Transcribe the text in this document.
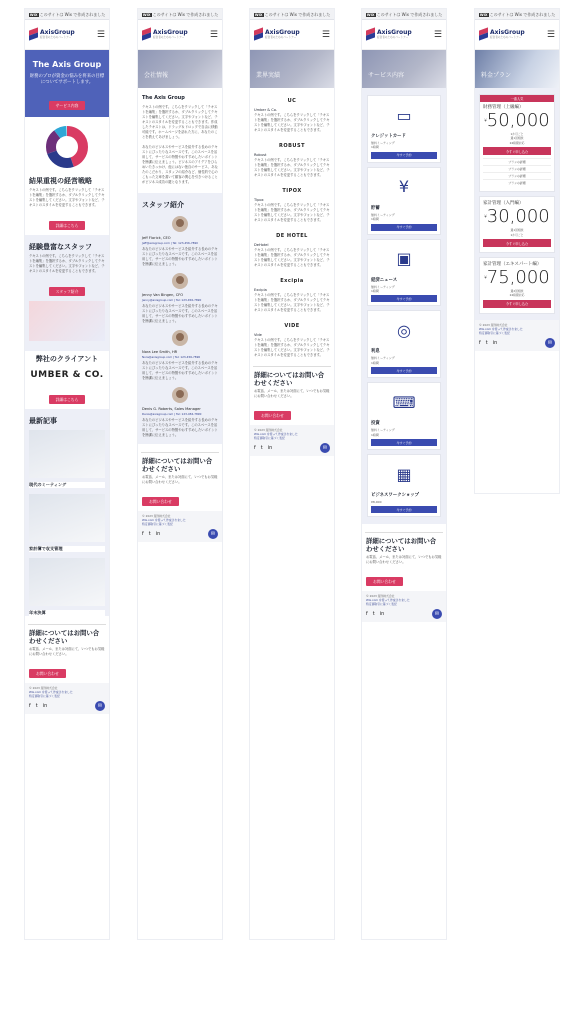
WIX このサイトは Wix で作成されました
AxisGroup
経営者のためのパートナー	☰
The Axis Group
財務のプロが資金の悩みを将来の目標についてサポートします。
サービス内容
結果重視の経営戦略
テキストの例です。こちらをクリックして「テキストを編集」を選択するか、ダブルクリックしてテキストを編集してください。文字やフォントなど、テキストのスタイルを変更することもできます。
詳細はこちら
経験豊富なスタッフ
テキストの例です。こちらをクリックして「テキストを編集」を選択するか、ダブルクリックしてテキストを編集してください。文字やフォントなど、テキストのスタイルを変更することもできます。
スタッフ紹介
弊社のクライアント
UMBER & CO.
詳細はこちら
最新記事
現代のミーティング
家計簿で収支管理
年末決算
詳細についてはお問い合わせください
お電話、メール、または対面にて、いつでもお気軽にお問い合わせください。
お問い合わせ
© 2023 週刊株式会社
Wix.com を使って作成されました
特定商取引に基づく表記
f t in	✉
WIX このサイトは Wix で作成されました
AxisGroup
経営者のためのパートナー	☰
会社情報
The Axis Group
テキストの例です。こちらをクリックして「テキストを編集」を選択するか、ダブルクリックしてテキストを編集してください。文字やフォントなど、テキストのスタイルを変更することもできます。作成したテキストは、ドラッグ＆ドロップで自由に移動可能です。ホームページを訪れた方に、あなたのことを教えてあげましょう。
あなたのビジネスやサービスを紹介する長めのテキストにぴったりなスペースです。このスペースを活用して、サービスの特徴やおすすめしたいポイントを簡潔に伝えましょう。ビジネスのアイデアをひらめいたきっかけ、他にはない独自のサービス、あなたのこだわり、スタッフの紹介など、個性的で心のこもった文章を書いて顧客の関心を引きつけることがビジネス成功の鍵となります。
スタッフ紹介
Jeff Florick, CEO
Jeff@axisgroup.com | Tel: 123-456-7890
あなたのビジネスやサービスを紹介する長めのテキストにぴったりなスペースです。このスペースを活用して、サービスの特徴やおすすめしたいポイントを簡潔に伝えましょう。
Jenny Van Bingen, CFO
Jenny@axisgroup.com | Tel: 123-456-7890
あなたのビジネスやサービスを紹介する長めのテキストにぴったりなスペースです。このスペースを活用して、サービスの特徴やおすすめしたいポイントを簡潔に伝えましょう。
Nora Lee Smith, HR
Nora@axisgroup.com | Tel: 123-456-7890
あなたのビジネスやサービスを紹介する長めのテキストにぴったりなスペースです。このスペースを活用して、サービスの特徴やおすすめしたいポイントを簡潔に伝えましょう。
Denis G. Roberts, Sales Manager
Denis@axisgroup.com | Tel: 123-456-7890
あなたのビジネスやサービスを紹介する長めのテキストにぴったりなスペースです。このスペースを活用して、サービスの特徴やおすすめしたいポイントを簡潔に伝えましょう。
詳細についてはお問い合わせください
お電話、メール、または対面にて、いつでもお気軽にお問い合わせください。
お問い合わせ
© 2023 週刊株式会社
Wix.com を使って作成されました
特定商取引に基づく表記
f t in	✉
WIX このサイトは Wix で作成されました
AxisGroup
経営者のためのパートナー	☰
業界実績
UC
Umber & Co.
テキストの例です。こちらをクリックして「テキストを編集」を選択するか、ダブルクリックしてテキストを編集してください。文字やフォントなど、テキストのスタイルを変更することもできます。
ROBUST
Robust
テキストの例です。こちらをクリックして「テキストを編集」を選択するか、ダブルクリックしてテキストを編集してください。文字やフォントなど、テキストのスタイルを変更することもできます。
TIPOX
Tipox
テキストの例です。こちらをクリックして「テキストを編集」を選択するか、ダブルクリックしてテキストを編集してください。文字やフォントなど、テキストのスタイルを変更することもできます。
DE HOTEL
DeHotel
テキストの例です。こちらをクリックして「テキストを編集」を選択するか、ダブルクリックしてテキストを編集してください。文字やフォントなど、テキストのスタイルを変更することもできます。
Excipia
Excipia
テキストの例です。こちらをクリックして「テキストを編集」を選択するか、ダブルクリックしてテキストを編集してください。文字やフォントなど、テキストのスタイルを変更することもできます。
VIDE
Vide
テキストの例です。こちらをクリックして「テキストを編集」を選択するか、ダブルクリックしてテキストを編集してください。文字やフォントなど、テキストのスタイルを変更することもできます。
詳細についてはお問い合わせください
お電話、メール、または対面にて、いつでもお気軽にお問い合わせください。
お問い合わせ
© 2023 週刊株式会社
Wix.com を使って作成されました
特定商取引に基づく表記
f t in	✉
WIX このサイトは Wix で作成されました
AxisGroup
経営者のためのパートナー	☰
サービス内容
▭
クレジットカード
無料ミーティング
1時間
今すぐ予約
¥
貯蓄
無料ミーティング
1時間
今すぐ予約
▣
経済ニュース
無料ミーティング
1時間
今すぐ予約
◎
利息
無料ミーティング
1時間
今すぐ予約
⌨
投資
無料ミーティング
1時間
今すぐ予約
▦
ビジネスワークショップ
¥8,000
今すぐ予約
詳細についてはお問い合わせください
お電話、メール、または対面にて、いつでもお気軽にお問い合わせください。
お問い合わせ
© 2023 週刊株式会社
Wix.com を使って作成されました
特定商取引に基づく表記
f t in	✉
WIX このサイトは Wix で作成されました
AxisGroup
経営者のためのパートナー	☰
料金プラン
一番人気
財務管理（上級編）
¥50,000
1か月ごと
週1回相談
24時間対応
今すぐ申し込む
プランの詳細
プランの詳細
プランの詳細
プランの詳細
家計管理（入門編）
¥30,000
週1回相談
1か月ごと
今すぐ申し込む
家計管理（エキスパート編）
¥75,000
週2回相談
24時間対応
今すぐ申し込む
© 2023 週刊株式会社
Wix.com を使って作成されました
特定商取引に基づく表記
f t in	✉
